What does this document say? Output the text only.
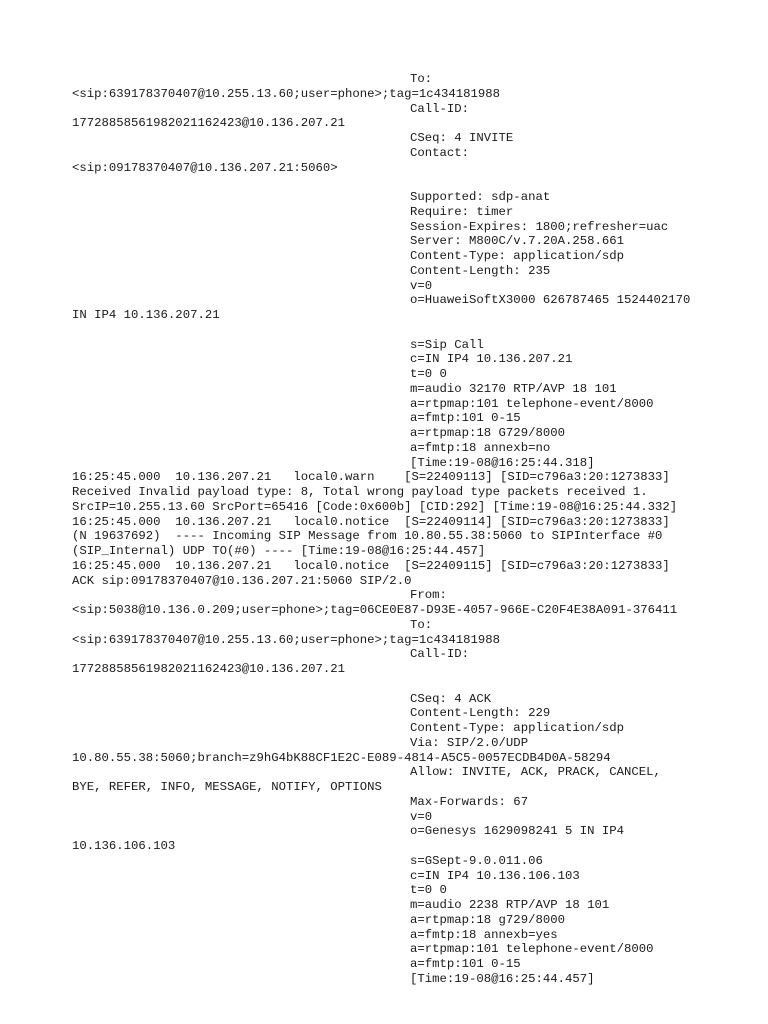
To:
<sip:639178370407@10.255.13.60;user=phone>;tag=1c434181988
Call-ID:
17728858561982021162423@10.136.207.21
CSeq: 4 INVITE
Contact:
<sip:09178370407@10.136.207.21:5060>
Supported: sdp-anat
Require: timer
Session-Expires: 1800;refresher=uac
Server: M800C/v.7.20A.258.661
Content-Type: application/sdp
Content-Length: 235
v=0
o=HuaweiSoftX3000 626787465 1524402170
IN IP4 10.136.207.21
s=Sip Call
c=IN IP4 10.136.207.21
t=0 0
m=audio 32170 RTP/AVP 18 101
a=rtpmap:101 telephone-event/8000
a=fmtp:101 0-15
a=rtpmap:18 G729/8000
a=fmtp:18 annexb=no
[Time:19-08@16:25:44.318]
16:25:45.000  10.136.207.21   local0.warn    [S=22409113] [SID=c796a3:20:1273833]
Received Invalid payload type: 8, Total wrong payload type packets received 1.
SrcIP=10.255.13.60 SrcPort=65416 [Code:0x600b] [CID:292] [Time:19-08@16:25:44.332]
16:25:45.000  10.136.207.21   local0.notice  [S=22409114] [SID=c796a3:20:1273833]
(N 19637692)  ---- Incoming SIP Message from 10.80.55.38:5060 to SIPInterface #0
(SIP_Internal) UDP TO(#0) ---- [Time:19-08@16:25:44.457]
16:25:45.000  10.136.207.21   local0.notice  [S=22409115] [SID=c796a3:20:1273833]
ACK sip:09178370407@10.136.207.21:5060 SIP/2.0
From:
<sip:5038@10.136.0.209;user=phone>;tag=06CE0E87-D93E-4057-966E-C20F4E38A091-376411
To:
<sip:639178370407@10.255.13.60;user=phone>;tag=1c434181988
Call-ID:
17728858561982021162423@10.136.207.21
CSeq: 4 ACK
Content-Length: 229
Content-Type: application/sdp
Via: SIP/2.0/UDP
10.80.55.38:5060;branch=z9hG4bK88CF1E2C-E089-4814-A5C5-0057ECDB4D0A-58294
Allow: INVITE, ACK, PRACK, CANCEL,
BYE, REFER, INFO, MESSAGE, NOTIFY, OPTIONS
Max-Forwards: 67
v=0
o=Genesys 1629098241 5 IN IP4
10.136.106.103
s=GSept-9.0.011.06
c=IN IP4 10.136.106.103
t=0 0
m=audio 2238 RTP/AVP 18 101
a=rtpmap:18 g729/8000
a=fmtp:18 annexb=yes
a=rtpmap:101 telephone-event/8000
a=fmtp:101 0-15
[Time:19-08@16:25:44.457]
